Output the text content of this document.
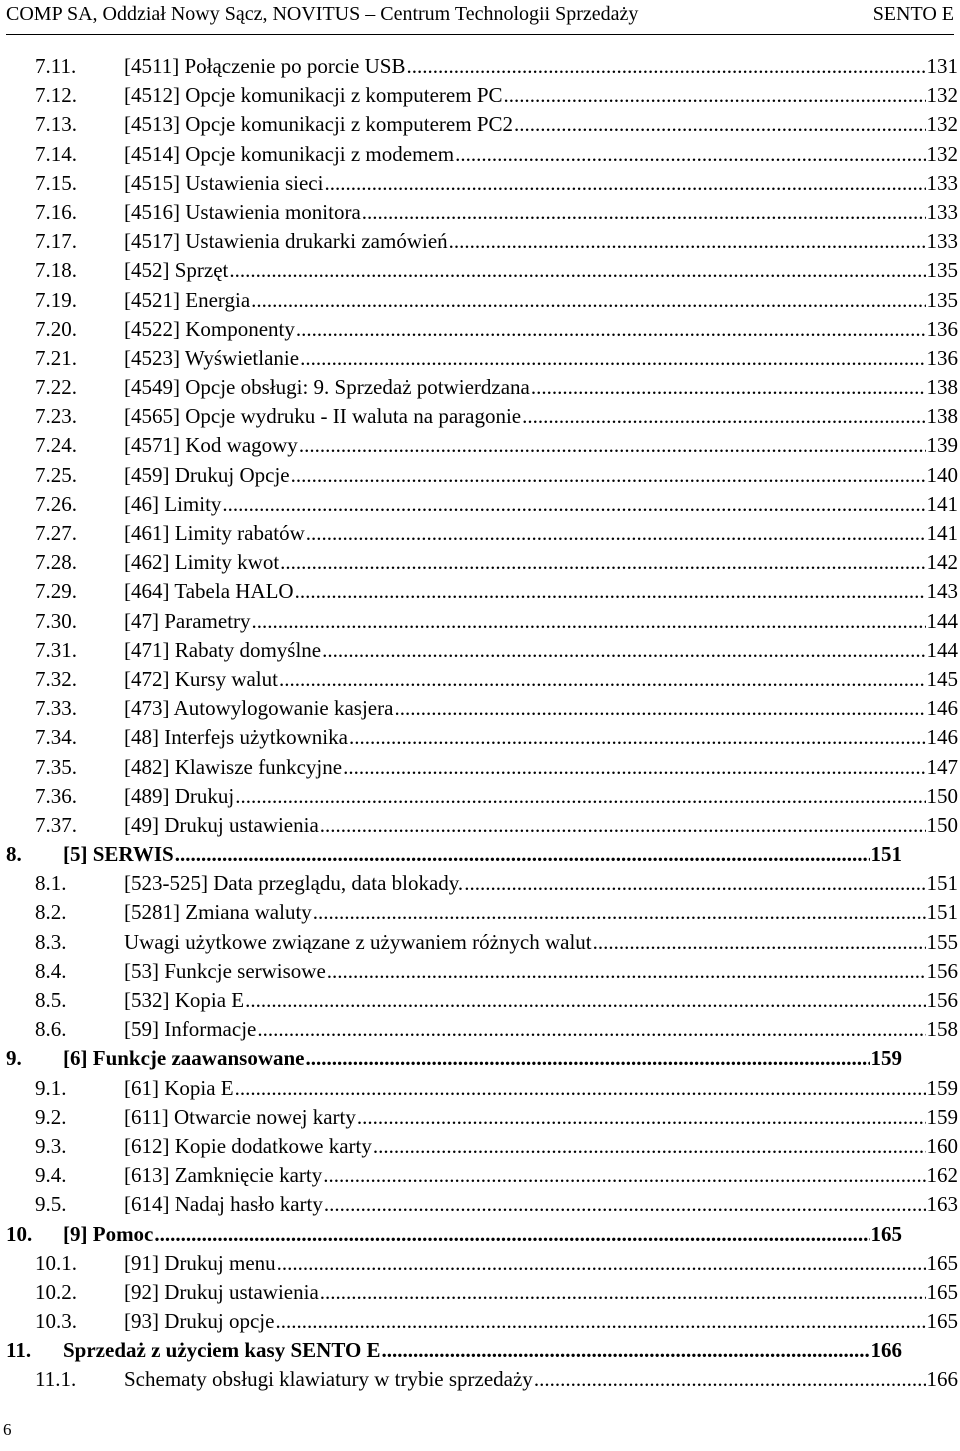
COMP SA, Oddział Nowy Sącz, NOVITUS – Centrum Technologii Sprzedaży	SENTO E
7.11.	[4511] Połączenie po porcie USB .....	131
7.12.	[4512] Opcje komunikacji z komputerem PC .....	132
7.13.	[4513] Opcje komunikacji z komputerem PC2 .....	132
7.14.	[4514] Opcje komunikacji z modemem .....	132
7.15.	[4515] Ustawienia sieci .....	133
7.16.	[4516] Ustawienia monitora .....	133
7.17.	[4517] Ustawienia drukarki zamówień .....	133
7.18.	[452] Sprzęt .....	135
7.19.	[4521] Energia .....	135
7.20.	[4522] Komponenty .....	136
7.21.	[4523] Wyświetlanie .....	136
7.22.	[4549] Opcje obsługi: 9. Sprzedaż potwierdzana .....	138
7.23.	[4565] Opcje wydruku - II waluta na paragonie .....	138
7.24.	[4571] Kod wagowy .....	139
7.25.	[459] Drukuj Opcje .....	140
7.26.	[46] Limity .....	141
7.27.	[461] Limity rabatów .....	141
7.28.	[462] Limity kwot .....	142
7.29.	[464] Tabela HALO .....	143
7.30.	[47] Parametry .....	144
7.31.	[471] Rabaty domyślne .....	144
7.32.	[472] Kursy walut .....	145
7.33.	[473] Autowylogowanie kasjera .....	146
7.34.	[48] Interfejs użytkownika .....	146
7.35.	[482] Klawisze funkcyjne .....	147
7.36.	[489] Drukuj .....	150
7.37.	[49] Drukuj ustawienia .....	150
8.	[5] SERWIS .....	151
8.1.	[523-525] Data przeglądu, data blokady. .....	151
8.2.	[5281] Zmiana waluty .....	151
8.3.	Uwagi użytkowe związane z używaniem różnych walut .....	155
8.4.	[53] Funkcje serwisowe .....	156
8.5.	[532] Kopia E .....	156
8.6.	[59] Informacje .....	158
9.	[6] Funkcje zaawansowane .....	159
9.1.	[61] Kopia E .....	159
9.2.	[611] Otwarcie nowej karty .....	159
9.3.	[612] Kopie dodatkowe karty .....	160
9.4.	[613] Zamknięcie karty .....	162
9.5.	[614] Nadaj hasło karty .....	163
10.	[9] Pomoc .....	165
10.1.	[91] Drukuj menu .....	165
10.2.	[92] Drukuj ustawienia .....	165
10.3.	[93] Drukuj opcje .....	165
11.	Sprzedaż z użyciem kasy SENTO E .....	166
11.1.	Schematy obsługi klawiatury w trybie sprzedaży .....	166
6
